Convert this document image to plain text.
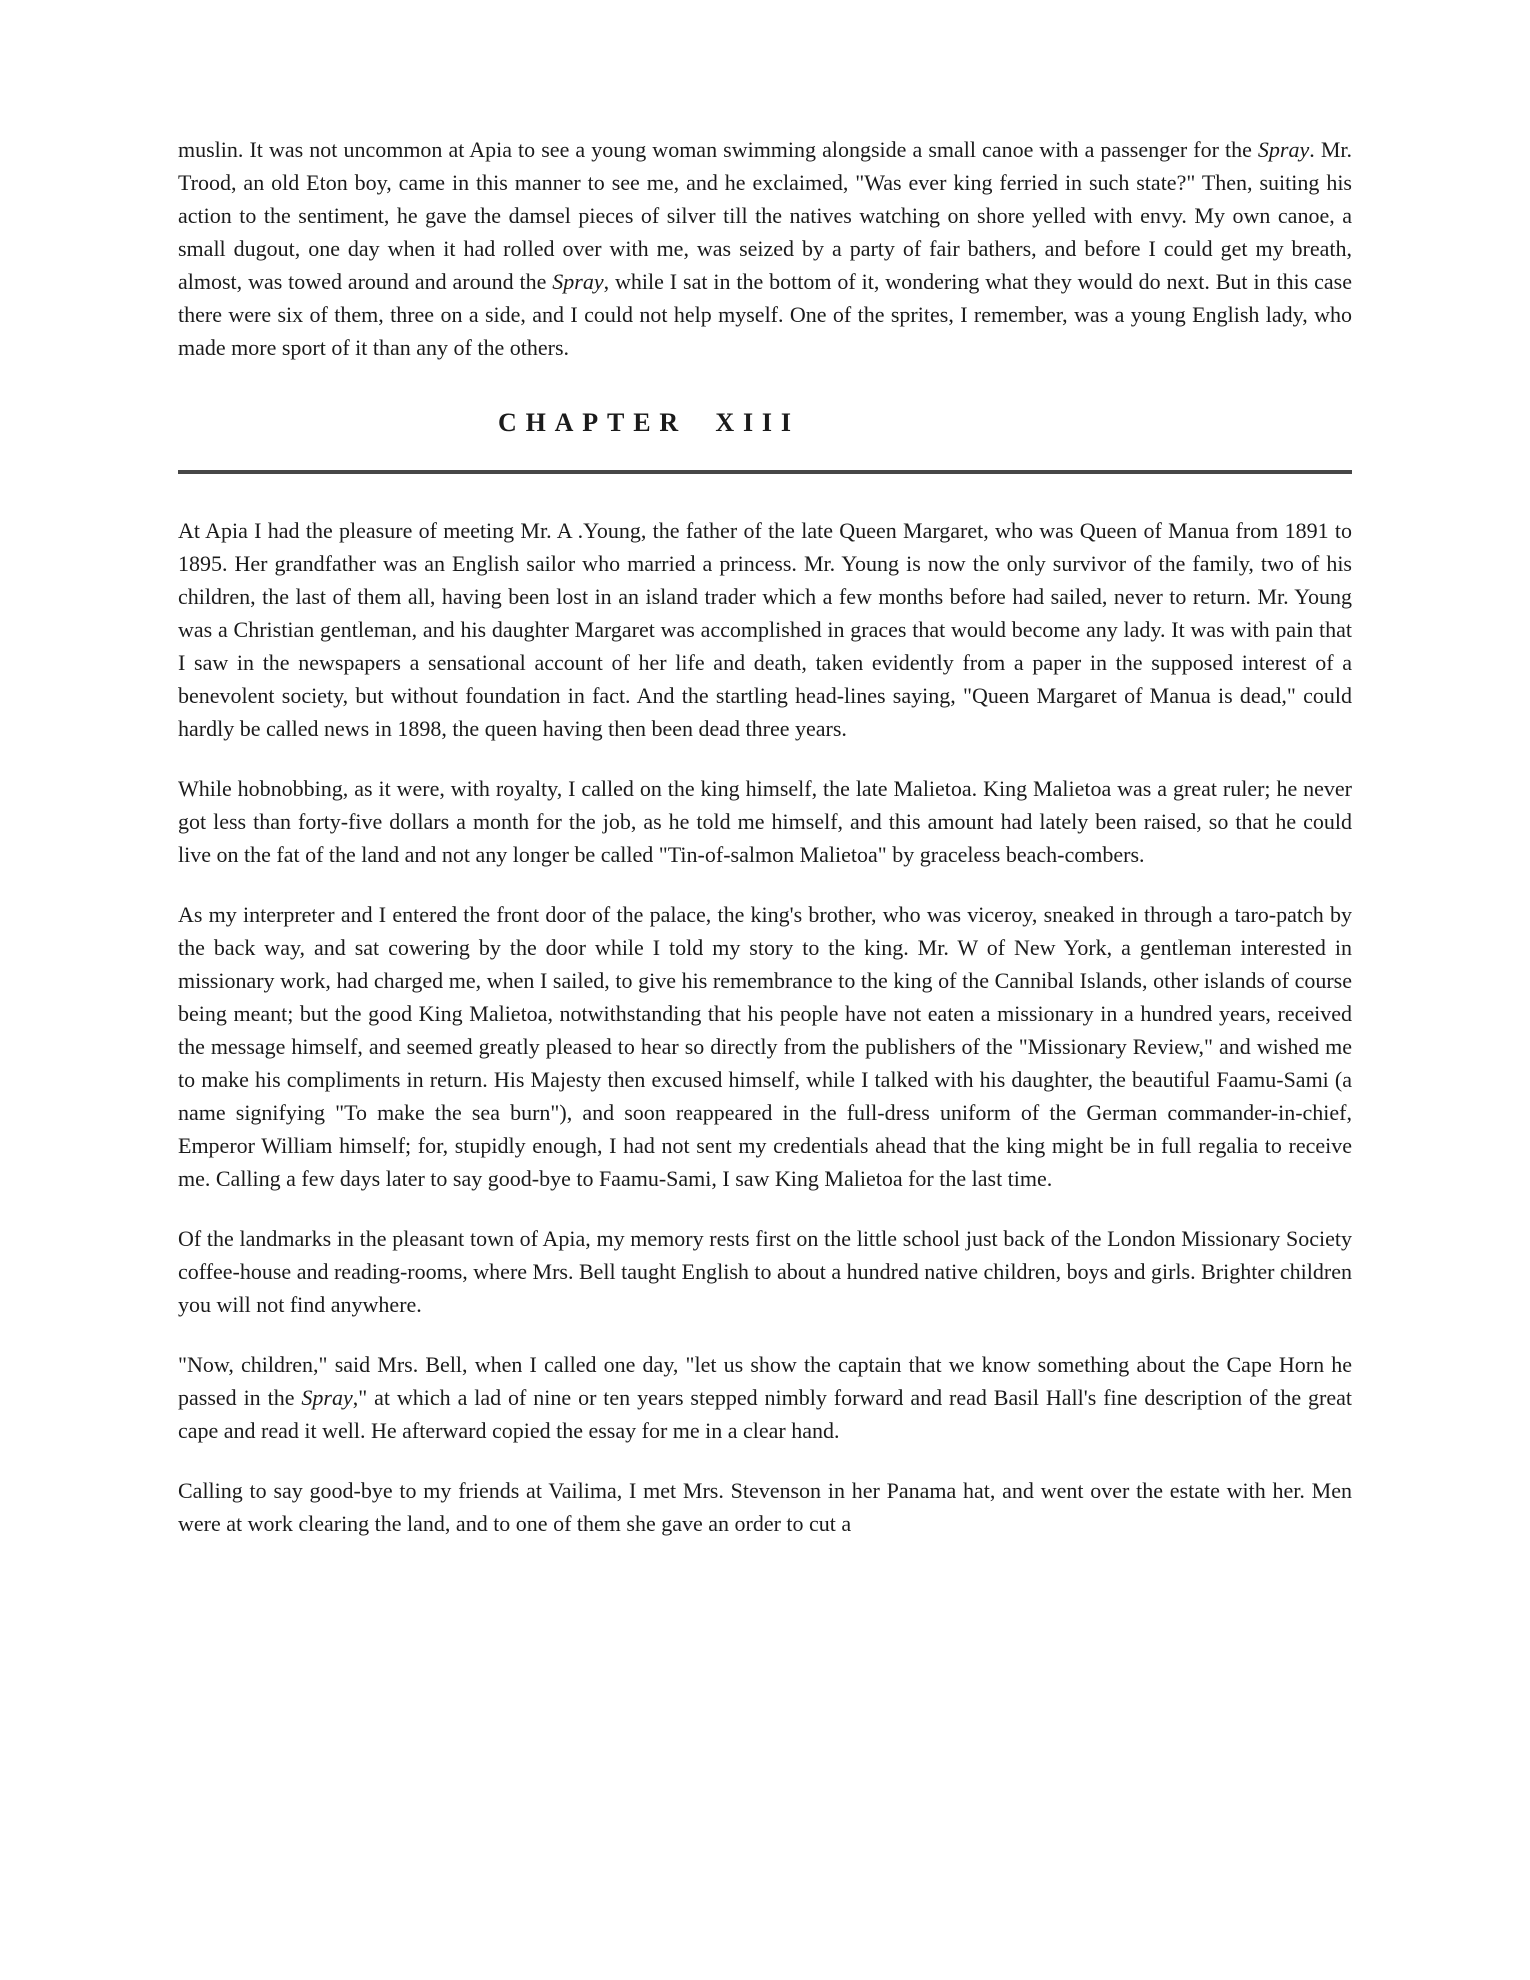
muslin. It was not uncommon at Apia to see a young woman swimming alongside a small canoe with a passenger for the Spray. Mr. Trood, an old Eton boy, came in this manner to see me, and he exclaimed, "Was ever king ferried in such state?" Then, suiting his action to the sentiment, he gave the damsel pieces of silver till the natives watching on shore yelled with envy. My own canoe, a small dugout, one day when it had rolled over with me, was seized by a party of fair bathers, and before I could get my breath, almost, was towed around and around the Spray, while I sat in the bottom of it, wondering what they would do next. But in this case there were six of them, three on a side, and I could not help myself. One of the sprites, I remember, was a young English lady, who made more sport of it than any of the others.

CHAPTER XIII

At Apia I had the pleasure of meeting Mr. A .Young, the father of the late Queen Margaret, who was Queen of Manua from 1891 to 1895. Her grandfather was an English sailor who married a princess. Mr. Young is now the only survivor of the family, two of his children, the last of them all, having been lost in an island trader which a few months before had sailed, never to return. Mr. Young was a Christian gentleman, and his daughter Margaret was accomplished in graces that would become any lady. It was with pain that I saw in the newspapers a sensational account of her life and death, taken evidently from a paper in the supposed interest of a benevolent society, but without foundation in fact. And the startling head-lines saying, "Queen Margaret of Manua is dead," could hardly be called news in 1898, the queen having then been dead three years.

While hobnobbing, as it were, with royalty, I called on the king himself, the late Malietoa. King Malietoa was a great ruler; he never got less than forty-five dollars a month for the job, as he told me himself, and this amount had lately been raised, so that he could live on the fat of the land and not any longer be called "Tin-of-salmon Malietoa" by graceless beach-combers.

As my interpreter and I entered the front door of the palace, the king's brother, who was viceroy, sneaked in through a taro-patch by the back way, and sat cowering by the door while I told my story to the king. Mr. W of New York, a gentleman interested in missionary work, had charged me, when I sailed, to give his remembrance to the king of the Cannibal Islands, other islands of course being meant; but the good King Malietoa, notwithstanding that his people have not eaten a missionary in a hundred years, received the message himself, and seemed greatly pleased to hear so directly from the publishers of the "Missionary Review," and wished me to make his compliments in return. His Majesty then excused himself, while I talked with his daughter, the beautiful Faamu-Sami (a name signifying "To make the sea burn"), and soon reappeared in the full-dress uniform of the German commander-in-chief, Emperor William himself; for, stupidly enough, I had not sent my credentials ahead that the king might be in full regalia to receive me. Calling a few days later to say good-bye to Faamu-Sami, I saw King Malietoa for the last time.

Of the landmarks in the pleasant town of Apia, my memory rests first on the little school just back of the London Missionary Society coffee-house and reading-rooms, where Mrs. Bell taught English to about a hundred native children, boys and girls. Brighter children you will not find anywhere.

"Now, children," said Mrs. Bell, when I called one day, "let us show the captain that we know something about the Cape Horn he passed in the Spray," at which a lad of nine or ten years stepped nimbly forward and read Basil Hall's fine description of the great cape and read it well. He afterward copied the essay for me in a clear hand.

Calling to say good-bye to my friends at Vailima, I met Mrs. Stevenson in her Panama hat, and went over the estate with her. Men were at work clearing the land, and to one of them she gave an order to cut a
